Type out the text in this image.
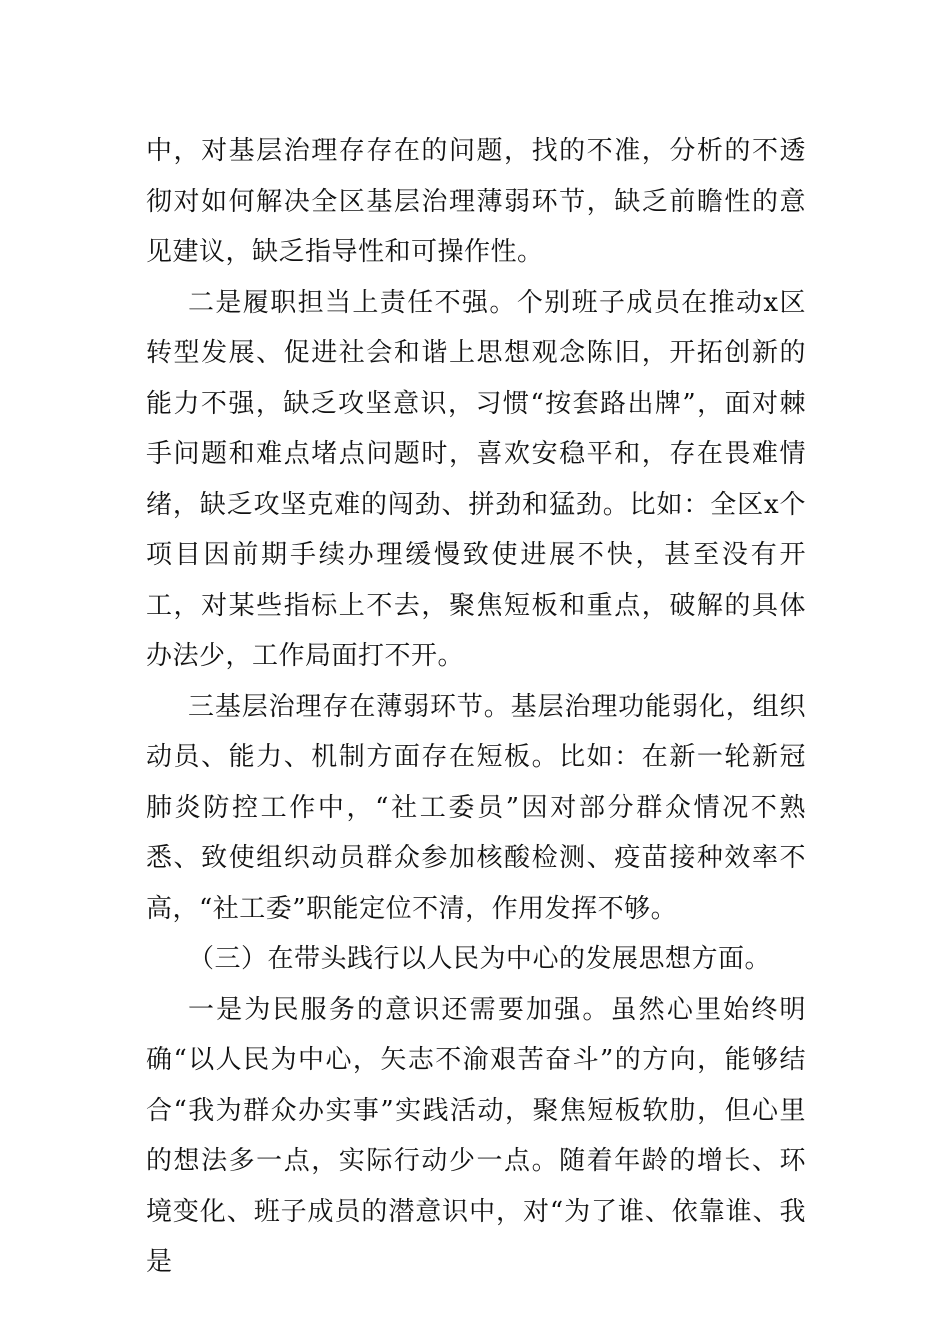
中，对基层治理存存在的问题，找的不准，分析的不透彻对如何解决全区基层治理薄弱环节，缺乏前瞻性的意见建议，缺乏指导性和可操作性。

二是履职担当上责任不强。个别班子成员在推动x区转型发展、促进社会和谐上思想观念陈旧，开拓创新的能力不强，缺乏攻坚意识，习惯“按套路出牌”，面对棘手问题和难点堵点问题时，喜欢安稳平和，存在畏难情绪，缺乏攻坚克难的闯劲、拼劲和猛劲。比如：全区x个项目因前期手续办理缓慢致使进展不快，甚至没有开工，对某些指标上不去，聚焦短板和重点，破解的具体办法少，工作局面打不开。

三基层治理存在薄弱环节。基层治理功能弱化，组织动员、能力、机制方面存在短板。比如：在新一轮新冠肺炎防控工作中，“社工委员”因对部分群众情况不熟悉、致使组织动员群众参加核酸检测、疫苗接种效率不高，“社工委”职能定位不清，作用发挥不够。

（三）在带头践行以人民为中心的发展思想方面。

一是为民服务的意识还需要加强。虽然心里始终明确“以人民为中心，矢志不渝艰苦奋斗”的方向，能够结合“我为群众办实事”实践活动，聚焦短板软肋，但心里的想法多一点，实际行动少一点。随着年龄的增长、环境变化、班子成员的潜意识中，对“为了谁、依靠谁、我是
